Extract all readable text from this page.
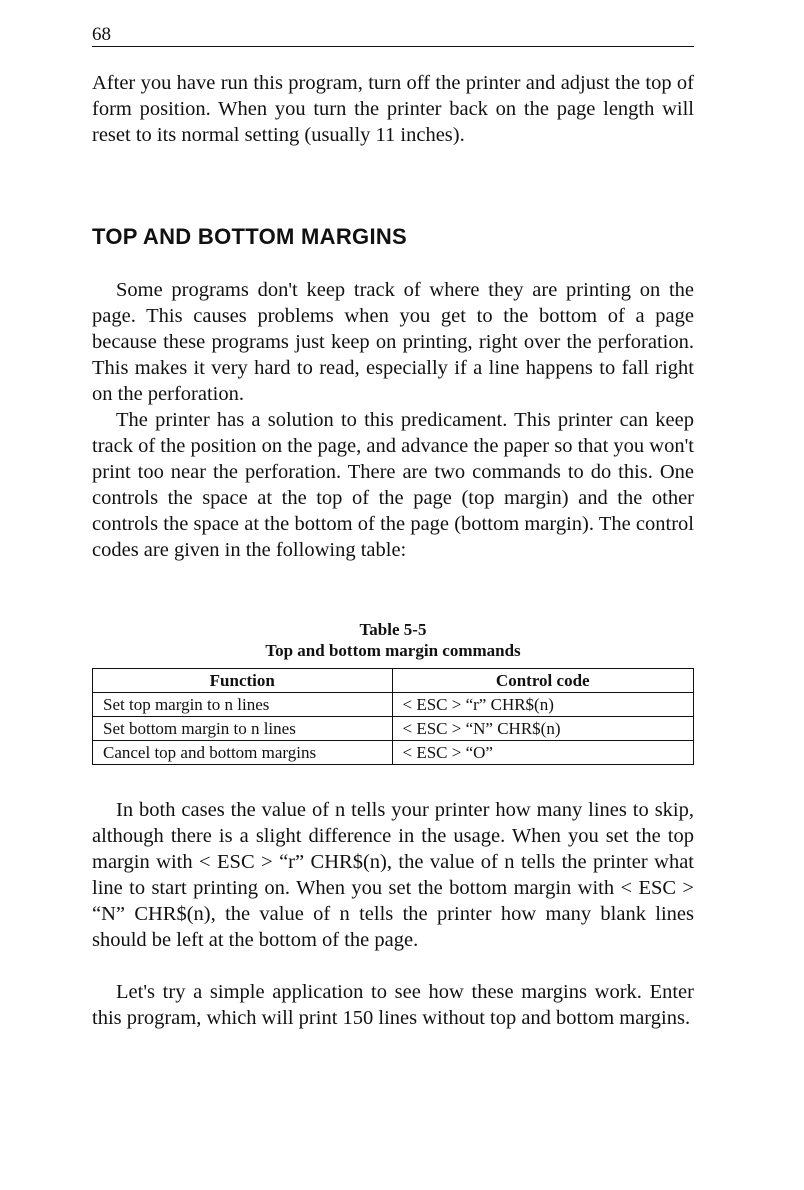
68

After you have run this program, turn off the printer and adjust the top of form position. When you turn the printer back on the page length will reset to its normal setting (usually 11 inches).

TOP AND BOTTOM MARGINS

Some programs don't keep track of where they are printing on the page. This causes problems when you get to the bottom of a page because these programs just keep on printing, right over the perforation. This makes it very hard to read, especially if a line happens to fall right on the perforation.

The printer has a solution to this predicament. This printer can keep track of the position on the page, and advance the paper so that you won't print too near the perforation. There are two commands to do this. One controls the space at the top of the page (top margin) and the other controls the space at the bottom of the page (bottom margin). The control codes are given in the following table:

Table 5-5
Top and bottom margin commands
Function	Control code
Set top margin to n lines	< ESC > “r” CHR$(n)
Set bottom margin to n lines	< ESC > “N” CHR$(n)
Cancel top and bottom margins	< ESC > “O”

In both cases the value of n tells your printer how many lines to skip, although there is a slight difference in the usage. When you set the top margin with < ESC > “r” CHR$(n), the value of n tells the printer what line to start printing on. When you set the bottom margin with < ESC > “N” CHR$(n), the value of n tells the printer how many blank lines should be left at the bottom of the page.

Let's try a simple application to see how these margins work. Enter this program, which will print 150 lines without top and bottom margins.
